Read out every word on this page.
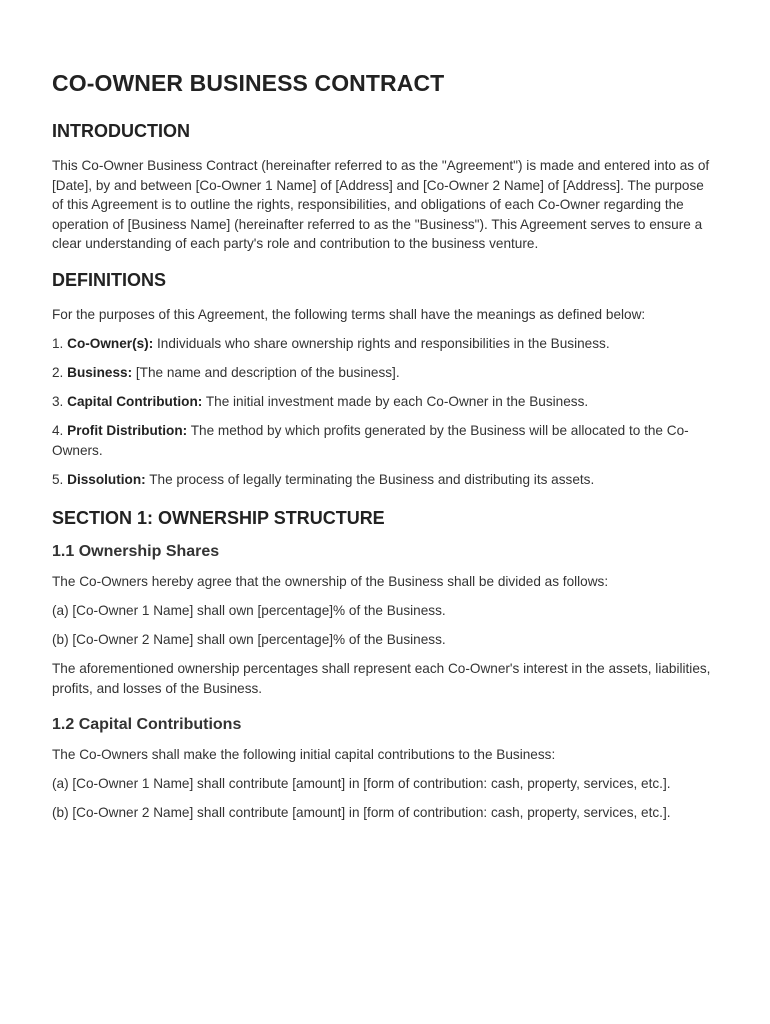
CO-OWNER BUSINESS CONTRACT
INTRODUCTION

This Co-Owner Business Contract (hereinafter referred to as the "Agreement") is made and entered into as of [Date], by and between [Co-Owner 1 Name] of [Address] and [Co-Owner 2 Name] of [Address]. The purpose of this Agreement is to outline the rights, responsibilities, and obligations of each Co-Owner regarding the operation of [Business Name] (hereinafter referred to as the "Business"). This Agreement serves to ensure a clear understanding of each party's role and contribution to the business venture.

DEFINITIONS

For the purposes of this Agreement, the following terms shall have the meanings as defined below:

1. Co-Owner(s): Individuals who share ownership rights and responsibilities in the Business.

2. Business: [The name and description of the business].

3. Capital Contribution: The initial investment made by each Co-Owner in the Business.

4. Profit Distribution: The method by which profits generated by the Business will be allocated to the Co-Owners.

5. Dissolution: The process of legally terminating the Business and distributing its assets.

SECTION 1: OWNERSHIP STRUCTURE
1.1 Ownership Shares

The Co-Owners hereby agree that the ownership of the Business shall be divided as follows:

(a) [Co-Owner 1 Name] shall own [percentage]% of the Business.

(b) [Co-Owner 2 Name] shall own [percentage]% of the Business.

The aforementioned ownership percentages shall represent each Co-Owner's interest in the assets, liabilities, profits, and losses of the Business.

1.2 Capital Contributions

The Co-Owners shall make the following initial capital contributions to the Business:

(a) [Co-Owner 1 Name] shall contribute [amount] in [form of contribution: cash, property, services, etc.].

(b) [Co-Owner 2 Name] shall contribute [amount] in [form of contribution: cash, property, services, etc.].
